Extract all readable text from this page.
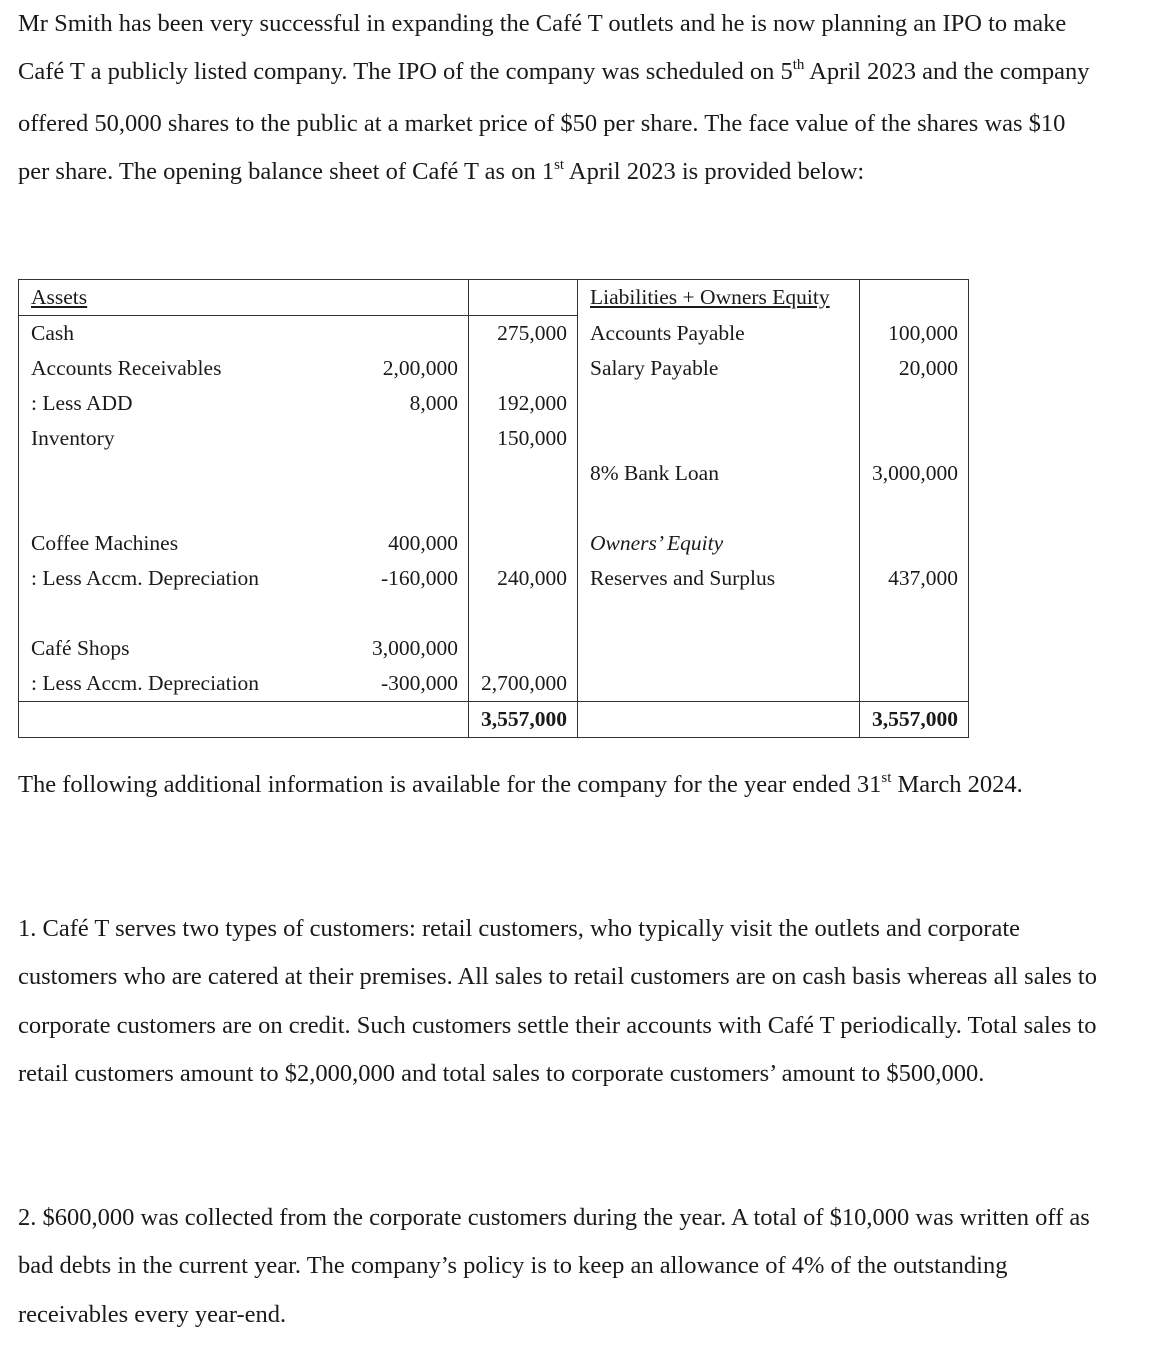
Mr Smith has been very successful in expanding the Café T outlets and he is now planning an IPO to make Café T a publicly listed company. The IPO of the company was scheduled on 5th April 2023 and the company offered 50,000 shares to the public at a market price of $50 per share. The face value of the shares was $10 per share. The opening balance sheet of Café T as on 1st April 2023 is provided below:

Assets			Liabilities + Owners Equity	
Cash		275,000	Accounts Payable	100,000
Accounts Receivables	2,00,000		Salary Payable	20,000
: Less ADD	8,000	192,000		
Inventory		150,000		
			8% Bank Loan	3,000,000

Coffee Machines	400,000		Owners’ Equity	
: Less Accm. Depreciation	-160,000	240,000	Reserves and Surplus	437,000

Café Shops	3,000,000			
: Less Accm. Depreciation	-300,000	2,700,000		
		3,557,000		3,557,000

The following additional information is available for the company for the year ended 31st March 2024.

1. Café T serves two types of customers: retail customers, who typically visit the outlets and corporate customers who are catered at their premises. All sales to retail customers are on cash basis whereas all sales to corporate customers are on credit. Such customers settle their accounts with Café T periodically. Total sales to retail customers amount to $2,000,000 and total sales to corporate customers’ amount to $500,000.

2. $600,000 was collected from the corporate customers during the year. A total of $10,000 was written off as bad debts in the current year. The company’s policy is to keep an allowance of 4% of the outstanding receivables every year-end.
